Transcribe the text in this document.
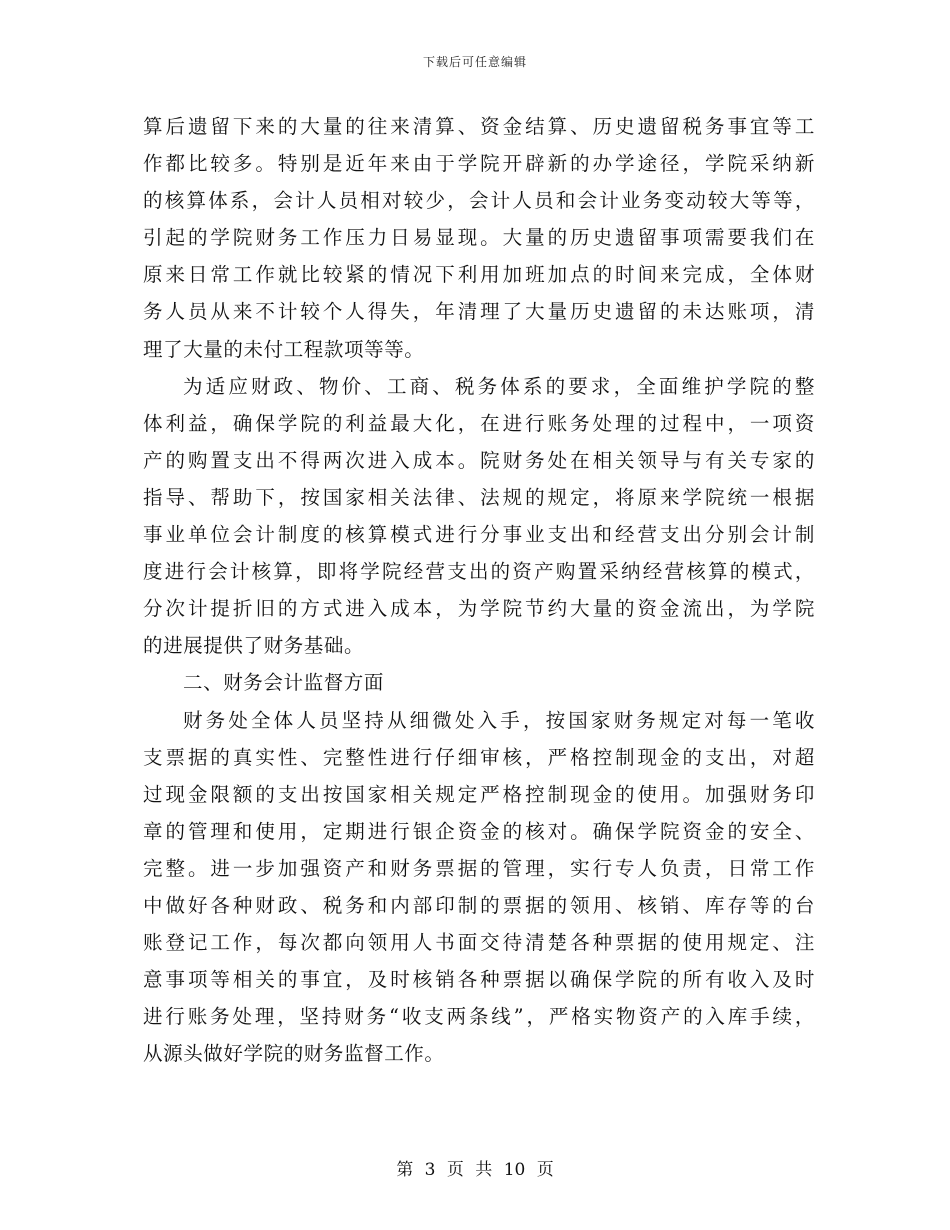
下载后可任意编辑
算后遗留下来的大量的往来清算、资金结算、历史遗留税务事宜等工
作都比较多。特别是近年来由于学院开辟新的办学途径，学院采纳新
的核算体系，会计人员相对较少，会计人员和会计业务变动较大等等，
引起的学院财务工作压力日易显现。大量的历史遗留事项需要我们在
原来日常工作就比较紧的情况下利用加班加点的时间来完成，全体财
务人员从来不计较个人得失，年清理了大量历史遗留的未达账项，清
理了大量的未付工程款项等等。
为适应财政、物价、工商、税务体系的要求，全面维护学院的整
体利益，确保学院的利益最大化，在进行账务处理的过程中，一项资
产的购置支出不得两次进入成本。院财务处在相关领导与有关专家的
指导、帮助下，按国家相关法律、法规的规定，将原来学院统一根据
事业单位会计制度的核算模式进行分事业支出和经营支出分别会计制
度进行会计核算，即将学院经营支出的资产购置采纳经营核算的模式，
分次计提折旧的方式进入成本，为学院节约大量的资金流出，为学院
的进展提供了财务基础。
二、财务会计监督方面
财务处全体人员坚持从细微处入手，按国家财务规定对每一笔收
支票据的真实性、完整性进行仔细审核，严格控制现金的支出，对超
过现金限额的支出按国家相关规定严格控制现金的使用。加强财务印
章的管理和使用，定期进行银企资金的核对。确保学院资金的安全、
完整。进一步加强资产和财务票据的管理，实行专人负责，日常工作
中做好各种财政、税务和内部印制的票据的领用、核销、库存等的台
账登记工作，每次都向领用人书面交待清楚各种票据的使用规定、注
意事项等相关的事宜，及时核销各种票据以确保学院的所有收入及时
进行账务处理，坚持财务“收支两条线”，严格实物资产的入库手续，
从源头做好学院的财务监督工作。
第 3 页 共 10 页
